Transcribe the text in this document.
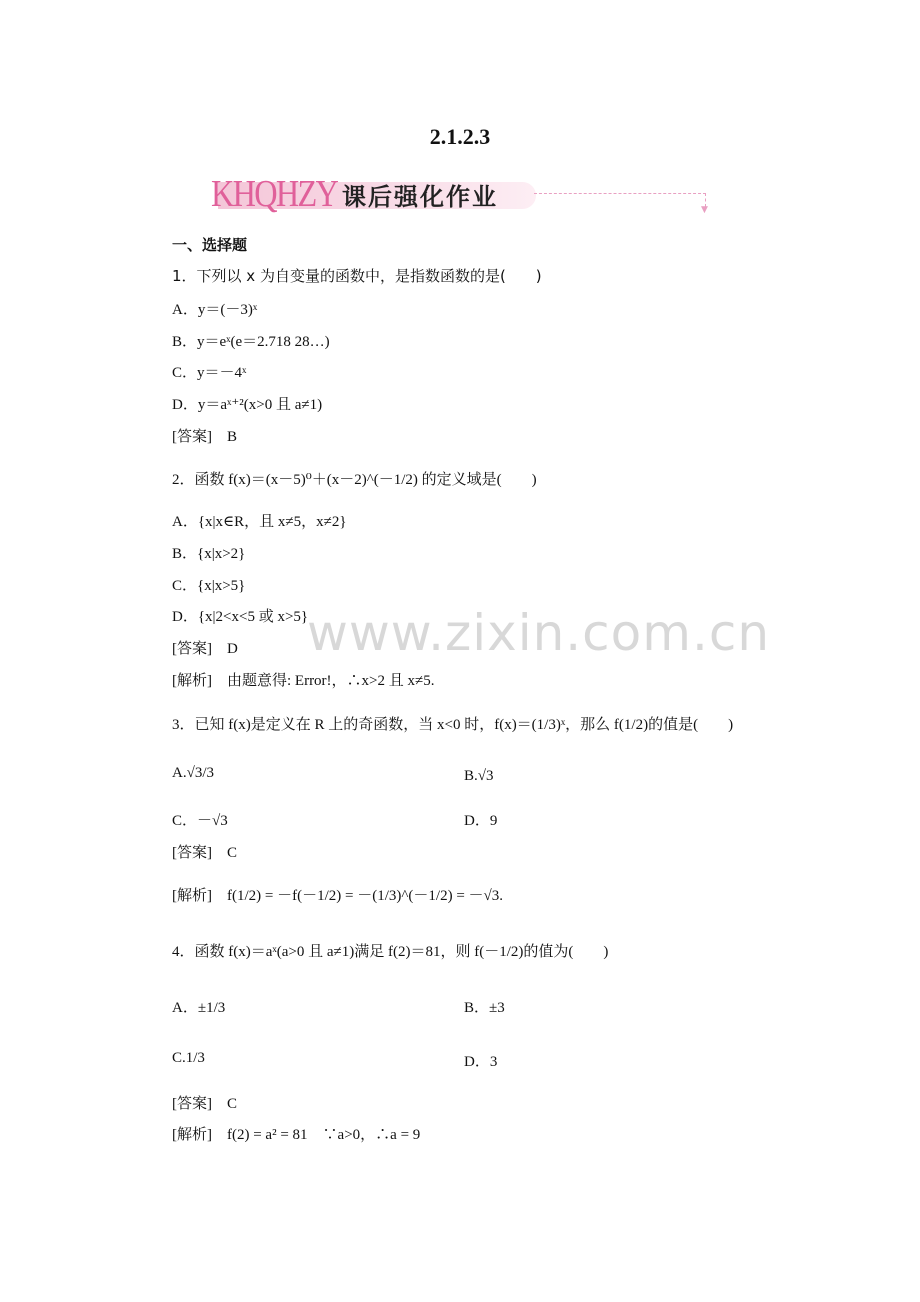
2.1.2.3
KHQHZY 课后强化作业	▼
一、选择题
1．下列以 x 为自变量的函数中，是指数函数的是(　　)
A．y＝(－3)ˣ
B．y＝eˣ(e＝2.718 28…)
C．y＝－4ˣ
D．y＝aˣ⁺²(x>0 且 a≠1)
[答案]　B
2．函数 f(x)＝(x－5)⁰＋(x－2)^(－1/2) 的定义域是(　　)
A．{x|x∈R，且 x≠5，x≠2}
B．{x|x>2}
C．{x|x>5}
D．{x|2<x<5 或 x>5}
[答案]　D
[解析]　由题意得: Error!，∴x>2 且 x≠5.
www.zixin.com.cn
3．已知 f(x)是定义在 R 上的奇函数，当 x<0 时，f(x)＝(1/3)ˣ，那么 f(1/2)的值是(　　)
A.√3/3	B.√3
C．－√3	D．9
[答案]　C
[解析]　f(1/2) = －f(－1/2) = －(1/3)^(－1/2) = －√3.
4．函数 f(x)＝aˣ(a>0 且 a≠1)满足 f(2)＝81，则 f(－1/2)的值为(　　)
A．±1/3	B．±3
C.1/3	D．3
[答案]　C
[解析]　f(2) = a² = 81　∵a>0，∴a = 9
